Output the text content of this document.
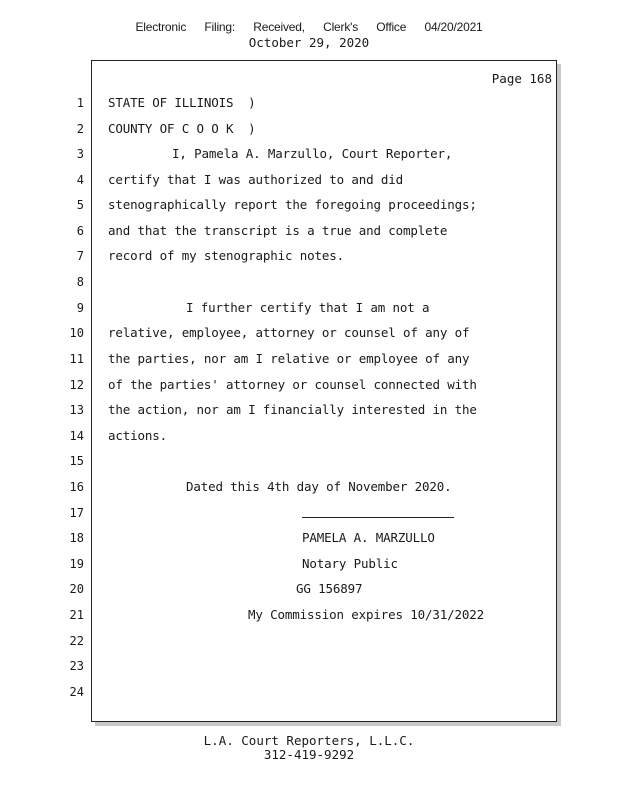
Electronic  Filing:  Received,  Clerk's  Office  04/20/2021
October 29, 2020
Page 168
1
2
3
4
5
6
7
8
9
10
11
12
13
14
15
16
17
18
19
20
21
22
23
24
STATE OF ILLINOIS  )
COUNTY OF C O O K  )
I, Pamela A. Marzullo, Court Reporter,
certify that I was authorized to and did
stenographically report the foregoing proceedings;
and that the transcript is a true and complete
record of my stenographic notes.
I further certify that I am not a
relative, employee, attorney or counsel of any of
the parties, nor am I relative or employee of any
of the parties' attorney or counsel connected with
the action, nor am I financially interested in the
actions.
Dated this 4th day of November 2020.
PAMELA A. MARZULLO
Notary Public
GG 156897
My Commission expires 10/31/2022
L.A. Court Reporters, L.L.C.
312-419-9292
